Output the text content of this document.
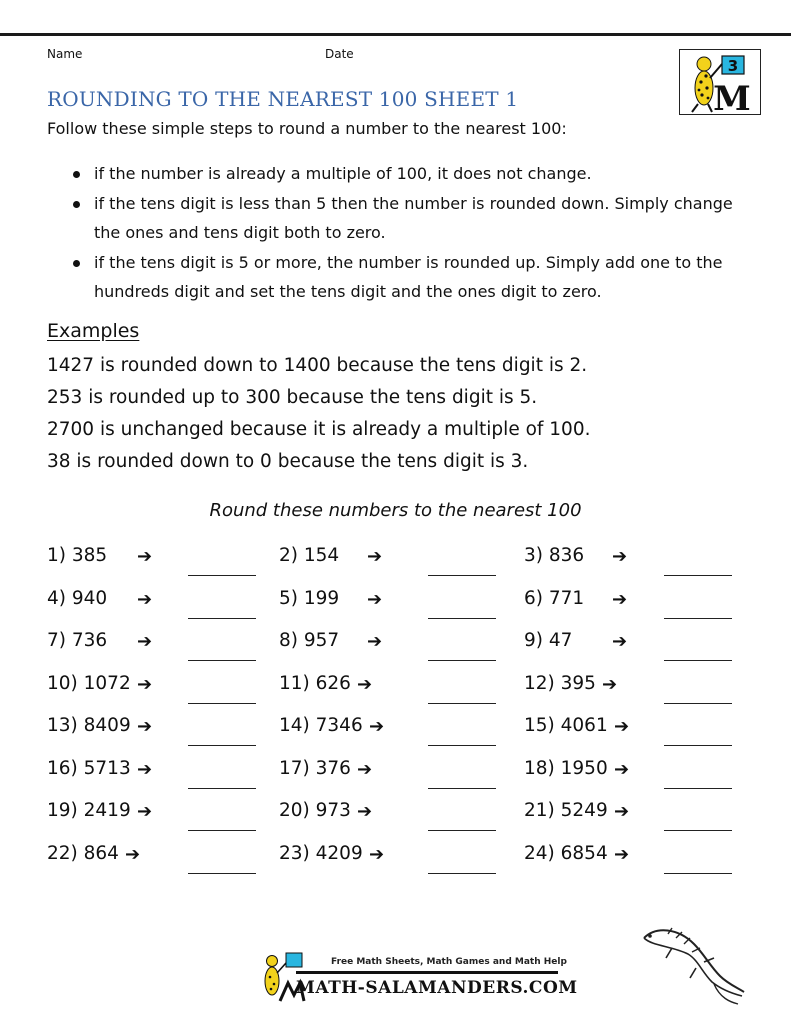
Name	Date
ROUNDING TO THE NEAREST 100 SHEET 1
3
M

Follow these simple steps to round a number to the nearest 100:

if the number is already a multiple of 100, it does not change.
if the tens digit is less than 5 then the number is rounded down. Simply change the ones and tens digit both to zero.
if the tens digit is 5 or more, the number is rounded up. Simply add one to the hundreds digit and set the tens digit and the ones digit to zero.
Examples
1427 is rounded down to 1400 because the tens digit is 2.
253 is rounded up to 300 because the tens digit is 5.
2700 is unchanged because it is already a multiple of 100.
38 is rounded down to 0 because the tens digit is 3.
Round these numbers to the nearest 100
1) 385 ➔	2) 154 ➔	3) 836 ➔
4) 940 ➔	5) 199 ➔	6) 771 ➔
7) 736 ➔	8) 957 ➔	9) 47 ➔
10) 1072 ➔	11) 626 ➔	12) 395 ➔
13) 8409 ➔	14) 7346 ➔	15) 4061 ➔
16) 5713 ➔	17) 376 ➔	18) 1950 ➔
19) 2419 ➔	20) 973 ➔	21) 5249 ➔
22) 864 ➔	23) 4209 ➔	24) 6854 ➔
Free Math Sheets, Math Games and Math Help
MATH-SALAMANDERS.COM
